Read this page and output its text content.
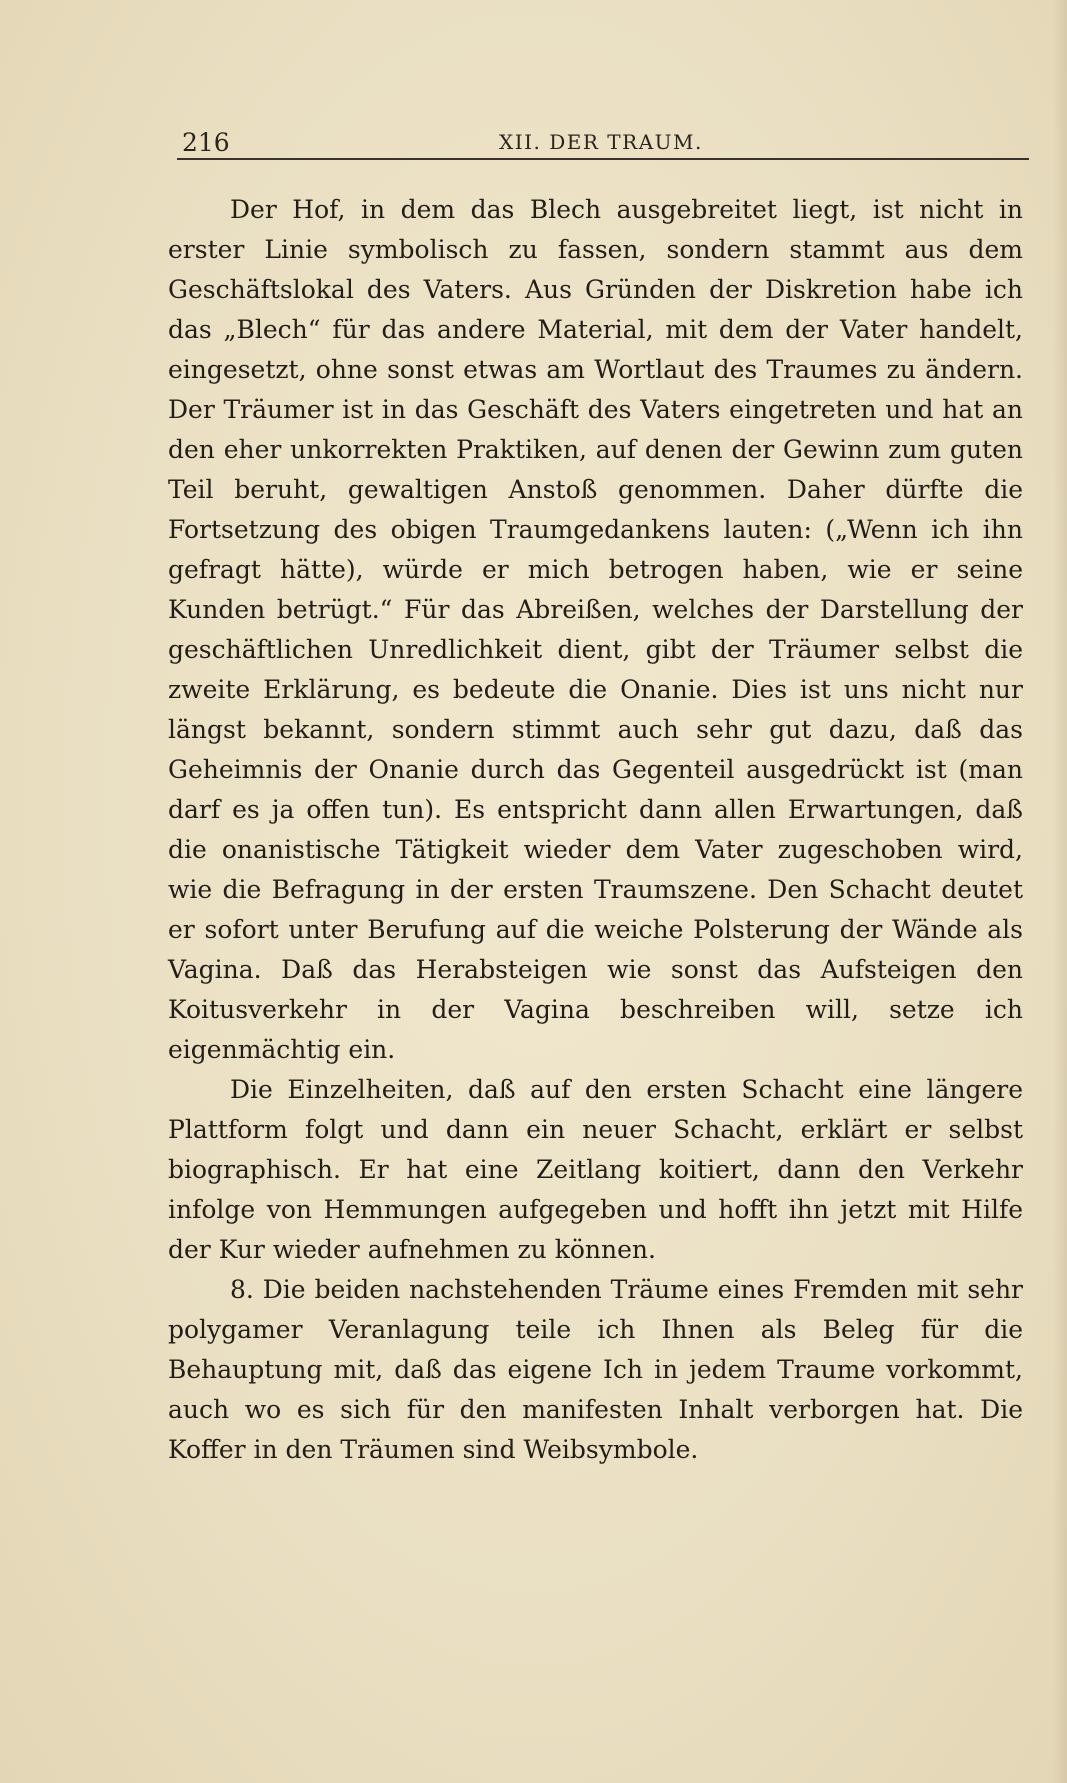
216	XII. DER TRAUM.

Der Hof, in dem das Blech ausgebreitet liegt, ist nicht in erster Linie symbolisch zu fassen, sondern stammt aus dem Geschäftslokal des Vaters. Aus Gründen der Diskretion habe ich das „Blech“ für das andere Material, mit dem der Vater handelt, eingesetzt, ohne sonst etwas am Wortlaut des Traumes zu ändern. Der Träumer ist in das Geschäft des Vaters eingetreten und hat an den eher unkorrekten Praktiken, auf denen der Gewinn zum guten Teil beruht, gewaltigen Anstoß genommen. Daher dürfte die Fortsetzung des obigen Traumgedankens lauten: („Wenn ich ihn gefragt hätte), würde er mich betrogen haben, wie er seine Kunden betrügt.“ Für das Abreißen, welches der Darstellung der geschäftlichen Unredlichkeit dient, gibt der Träumer selbst die zweite Erklärung, es bedeute die Onanie. Dies ist uns nicht nur längst bekannt, sondern stimmt auch sehr gut dazu, daß das Geheimnis der Onanie durch das Gegenteil ausgedrückt ist (man darf es ja offen tun). Es entspricht dann allen Erwartungen, daß die onanistische Tätigkeit wieder dem Vater zugeschoben wird, wie die Befragung in der ersten Traumszene. Den Schacht deutet er sofort unter Berufung auf die weiche Polsterung der Wände als Vagina. Daß das Herabsteigen wie sonst das Aufsteigen den Koitusverkehr in der Vagina beschreiben will, setze ich eigenmächtig ein.

Die Einzelheiten, daß auf den ersten Schacht eine längere Plattform folgt und dann ein neuer Schacht, erklärt er selbst biographisch. Er hat eine Zeitlang koitiert, dann den Verkehr infolge von Hemmungen aufgegeben und hofft ihn jetzt mit Hilfe der Kur wieder aufnehmen zu können.

8. Die beiden nachstehenden Träume eines Fremden mit sehr polygamer Veranlagung teile ich Ihnen als Beleg für die Behauptung mit, daß das eigene Ich in jedem Traume vorkommt, auch wo es sich für den manifesten Inhalt verborgen hat. Die Koffer in den Träumen sind Weibsymbole.
